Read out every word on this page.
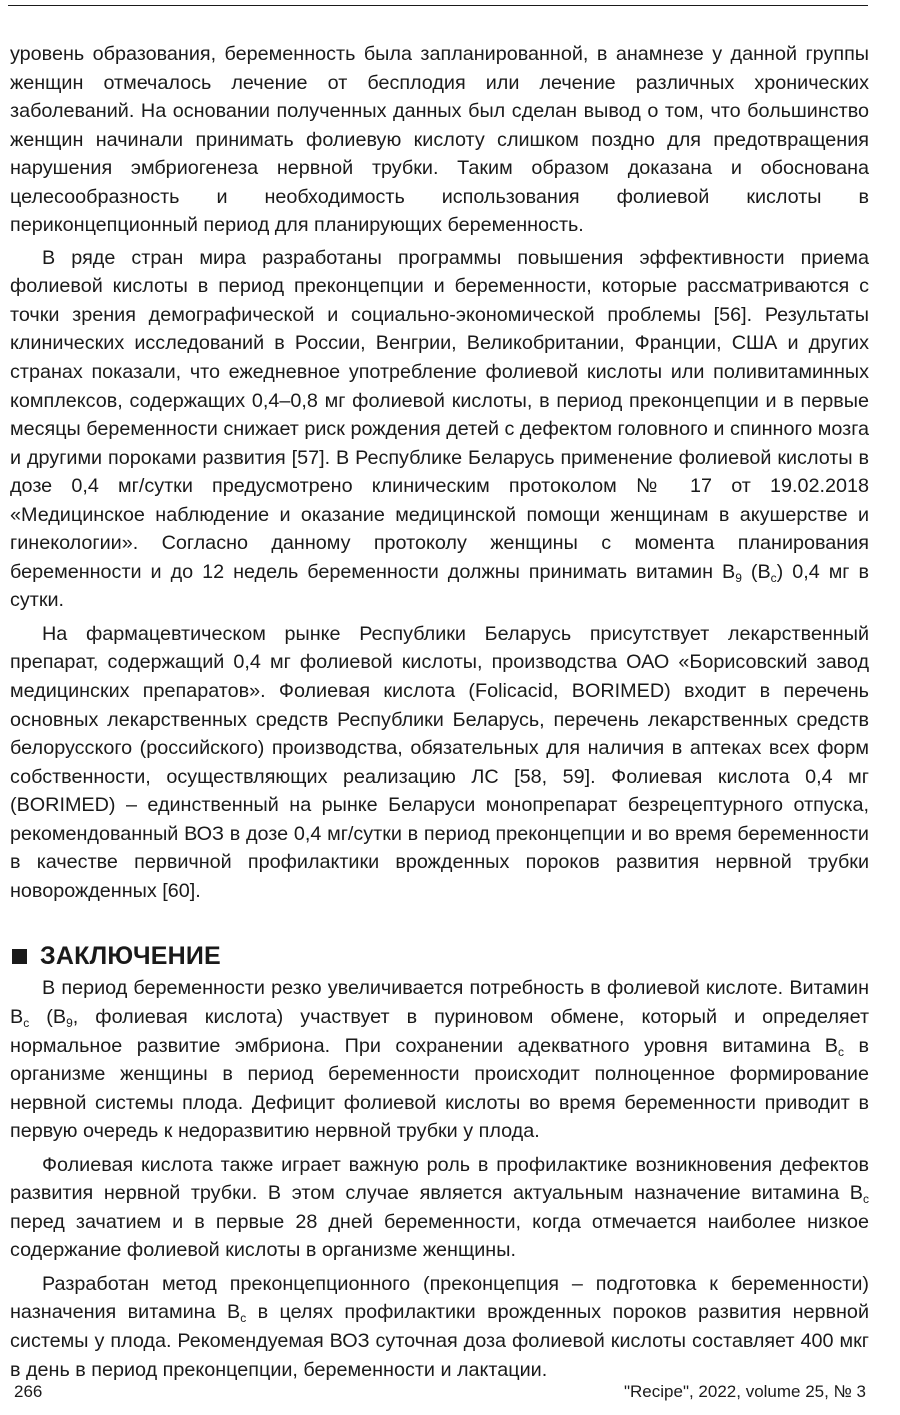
уровень образования, беременность была запланированной, в анамнезе у данной группы женщин отмечалось лечение от бесплодия или лечение различных хронических заболеваний. На основании полученных данных был сделан вывод о том, что большинство женщин начинали принимать фолиевую кислоту слишком поздно для предотвращения нарушения эмбриогенеза нервной трубки. Таким образом доказана и обоснована целесообразность и необходимость использования фолиевой кислоты в периконцепционный период для планирующих беременность.

В ряде стран мира разработаны программы повышения эффективности приема фолиевой кислоты в период преконцепции и беременности, которые рассматриваются с точки зрения демографической и социально-экономической проблемы [56]. Результаты клинических исследований в России, Венгрии, Великобритании, Франции, США и других странах показали, что ежедневное употребление фолиевой кислоты или поливитаминных комплексов, содержащих 0,4–0,8 мг фолиевой кислоты, в период преконцепции и в первые месяцы беременности снижает риск рождения детей с дефектом головного и спинного мозга и другими пороками развития [57]. В Республике Беларусь применение фолиевой кислоты в дозе 0,4 мг/сутки предусмотрено клиническим протоколом № 17 от 19.02.2018 «Медицинское наблюдение и оказание медицинской помощи женщинам в акушерстве и гинекологии». Согласно данному протоколу женщины с момента планирования беременности и до 12 недель беременности должны принимать витамин $В_9$ $(В_с)$ 0,4 мг в сутки.

На фармацевтическом рынке Республики Беларусь присутствует лекарственный препарат, содержащий 0,4 мг фолиевой кислоты, производства ОАО «Борисовский завод медицинских препаратов». Фолиевая кислота (Folicacid, BORIMED) входит в перечень основных лекарственных средств Республики Беларусь, перечень лекарственных средств белорусского (российского) производства, обязательных для наличия в аптеках всех форм собственности, осуществляющих реализацию ЛС [58, 59]. Фолиевая кислота 0,4 мг (BORIMED) – единственный на рынке Беларуси монопрепарат безрецептурного отпуска, рекомендованный ВОЗ в дозе 0,4 мг/сутки в период преконцепции и во время беременности в качестве первичной профилактики врожденных пороков развития нервной трубки новорожденных [60].

ЗАКЛЮЧЕНИЕ

В период беременности резко увеличивается потребность в фолиевой кислоте. Витамин $В_с$ ($В_9$, фолиевая кислота) участвует в пуриновом обмене, который и определяет нормальное развитие эмбриона. При сохранении адекватного уровня витамина $В_с$ в организме женщины в период беременности происходит полноценное формирование нервной системы плода. Дефицит фолиевой кислоты во время беременности приводит в первую очередь к недоразвитию нервной трубки у плода.

Фолиевая кислота также играет важную роль в профилактике возникновения дефектов развития нервной трубки. В этом случае является актуальным назначение витамина $В_с$ перед зачатием и в первые 28 дней беременности, когда отмечается наиболее низкое содержание фолиевой кислоты в организме женщины.

Разработан метод преконцепционного (преконцепция – подготовка к беременности) назначения витамина $В_с$ в целях профилактики врожденных пороков развития нервной системы у плода. Рекомендуемая ВОЗ суточная доза фолиевой кислоты составляет 400 мкг в день в период преконцепции, беременности и лактации.

266	"Recipe", 2022, volume 25, № 3
